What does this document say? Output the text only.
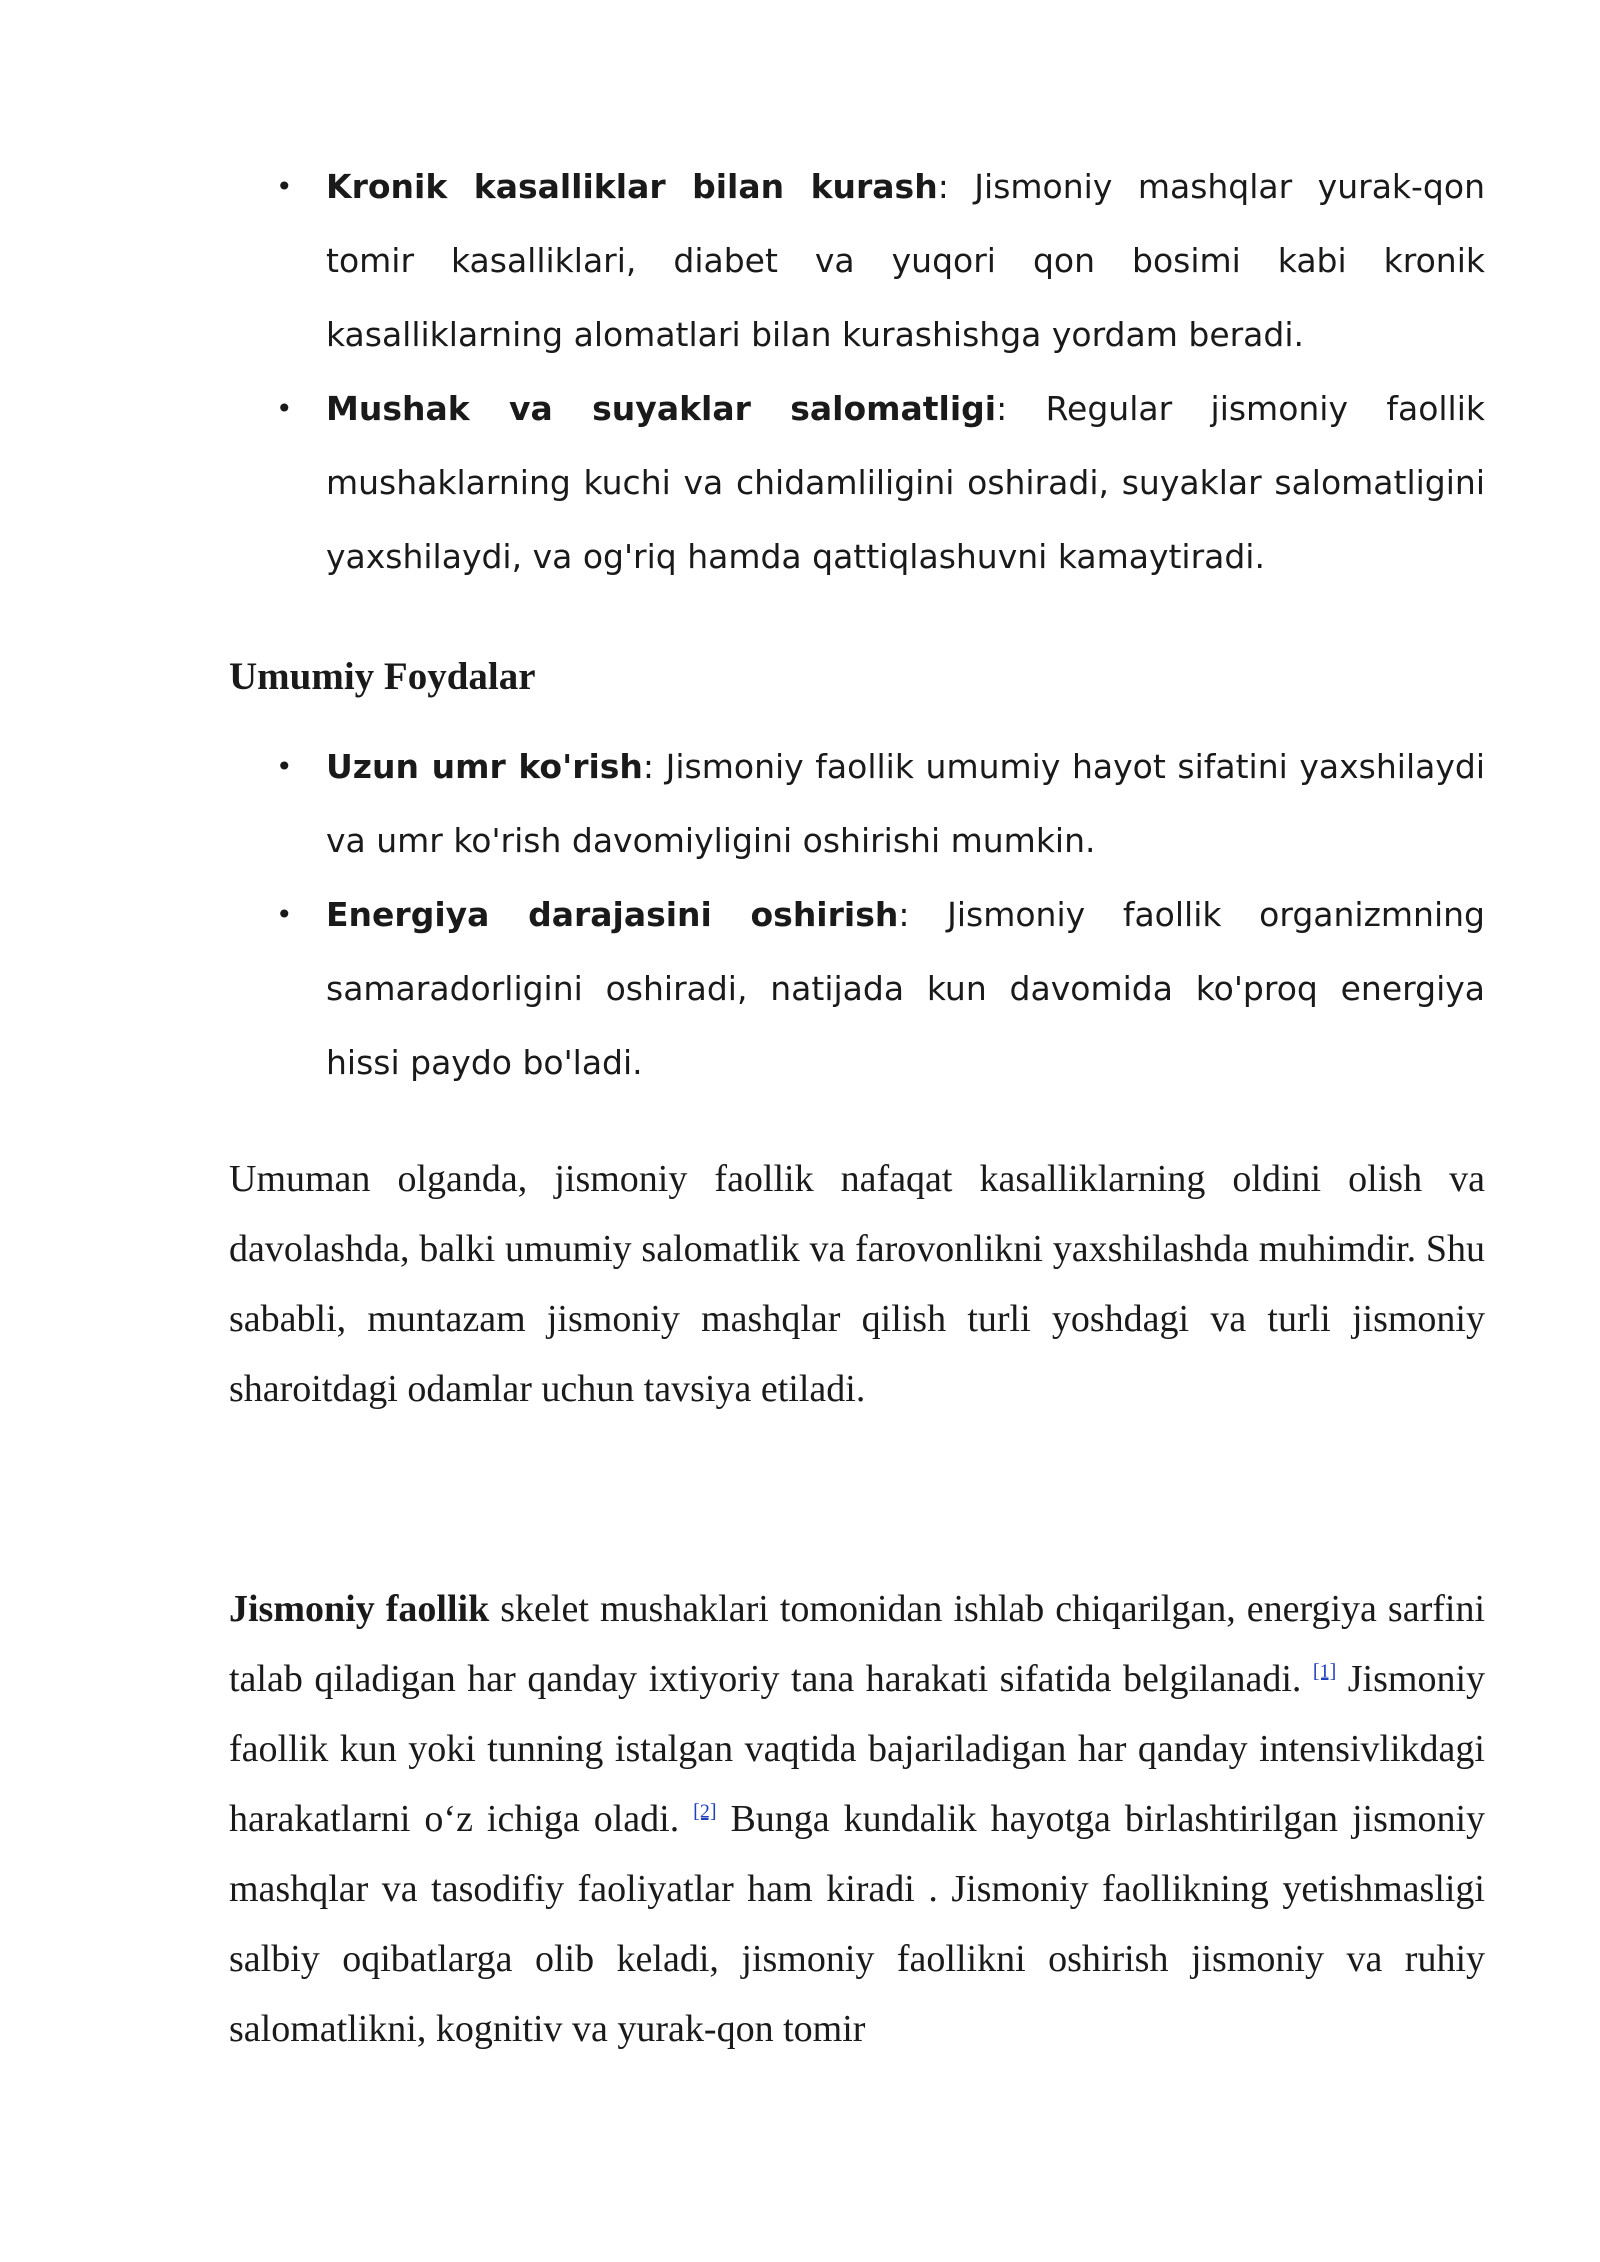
• Kronik kasalliklar bilan kurash: Jismoniy mashqlar yurak-qon tomir kasalliklari, diabet va yuqori qon bosimi kabi kronik kasalliklarning alomatlari bilan kurashishga yordam beradi.
• Mushak va suyaklar salomatligi: Regular jismoniy faollik mushaklarning kuchi va chidamliligini oshiradi, suyaklar salomatligini yaxshilaydi, va og'riq hamda qattiqlashuvni kamaytiradi.
Umumiy Foydalar
• Uzun umr ko'rish: Jismoniy faollik umumiy hayot sifatini yaxshilaydi va umr ko'rish davomiyligini oshirishi mumkin.
• Energiya darajasini oshirish: Jismoniy faollik organizmning samaradorligini oshiradi, natijada kun davomida ko'proq energiya hissi paydo bo'ladi.

Umuman olganda, jismoniy faollik nafaqat kasalliklarning oldini olish va davolashda, balki umumiy salomatlik va farovonlikni yaxshilashda muhimdir. Shu sababli, muntazam jismoniy mashqlar qilish turli yoshdagi va turli jismoniy sharoitdagi odamlar uchun tavsiya etiladi.

Jismoniy faollik skelet mushaklari tomonidan ishlab chiqarilgan, energiya sarfini talab qiladigan har qanday ixtiyoriy tana harakati sifatida belgilanadi. [1] Jismoniy faollik kun yoki tunning istalgan vaqtida bajariladigan har qanday intensivlikdagi harakatlarni o‘z ichiga oladi. [2] Bunga kundalik hayotga birlashtirilgan jismoniy mashqlar va tasodifiy faoliyatlar ham kiradi . Jismoniy faollikning yetishmasligi salbiy oqibatlarga olib keladi, jismoniy faollikni oshirish jismoniy va ruhiy salomatlikni, kognitiv va yurak-qon tomir
